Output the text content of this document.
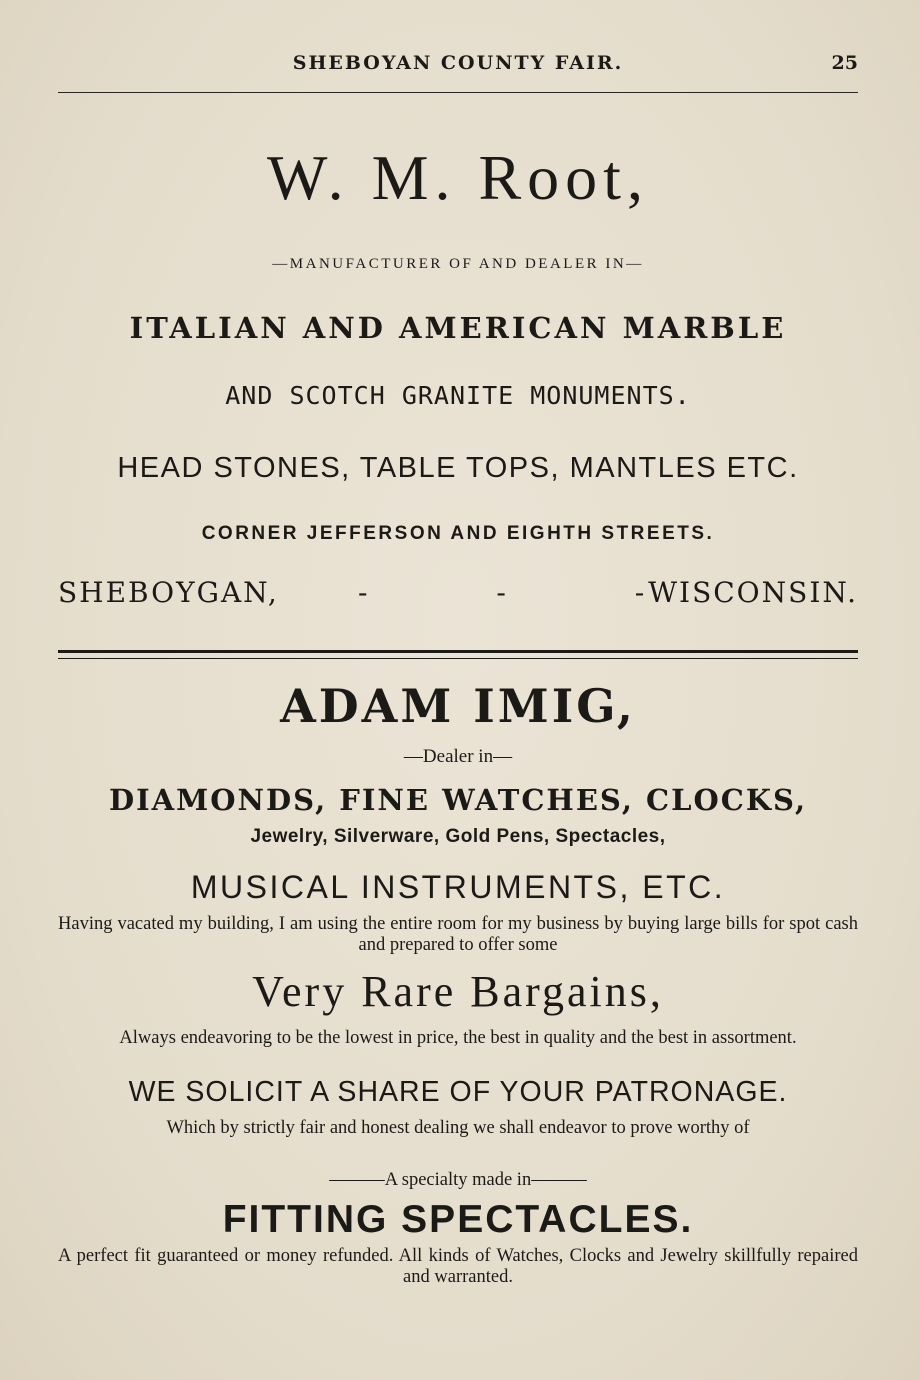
SHEBOYAN COUNTY FAIR.	25
W. M. Root,
—MANUFACTURER OF AND DEALER IN—
ITALIAN AND AMERICAN MARBLE
AND SCOTCH GRANITE MONUMENTS.
HEAD STONES, TABLE TOPS, MANTLES ETC.
CORNER JEFFERSON AND EIGHTH STREETS.
SHEBOYGAN,	- - -
WISCONSIN.
ADAM IMIG,
—Dealer in—
DIAMONDS, FINE WATCHES, CLOCKS,
Jewelry, Silverware, Gold Pens, Spectacles,
MUSICAL INSTRUMENTS, ETC.
Having vacated my building, I am using the entire room for my business by buying large bills for spot cash and prepared to offer some
Very Rare Bargains,
Always endeavoring to be the lowest in price, the best in quality and the best in assortment.
WE SOLICIT A SHARE OF YOUR PATRONAGE.
Which by strictly fair and honest dealing we shall endeavor to prove worthy of
———A specialty made in———
FITTING SPECTACLES.
A perfect fit guaranteed or money refunded. All kinds of Watches, Clocks and Jewelry skillfully repaired and warranted.
